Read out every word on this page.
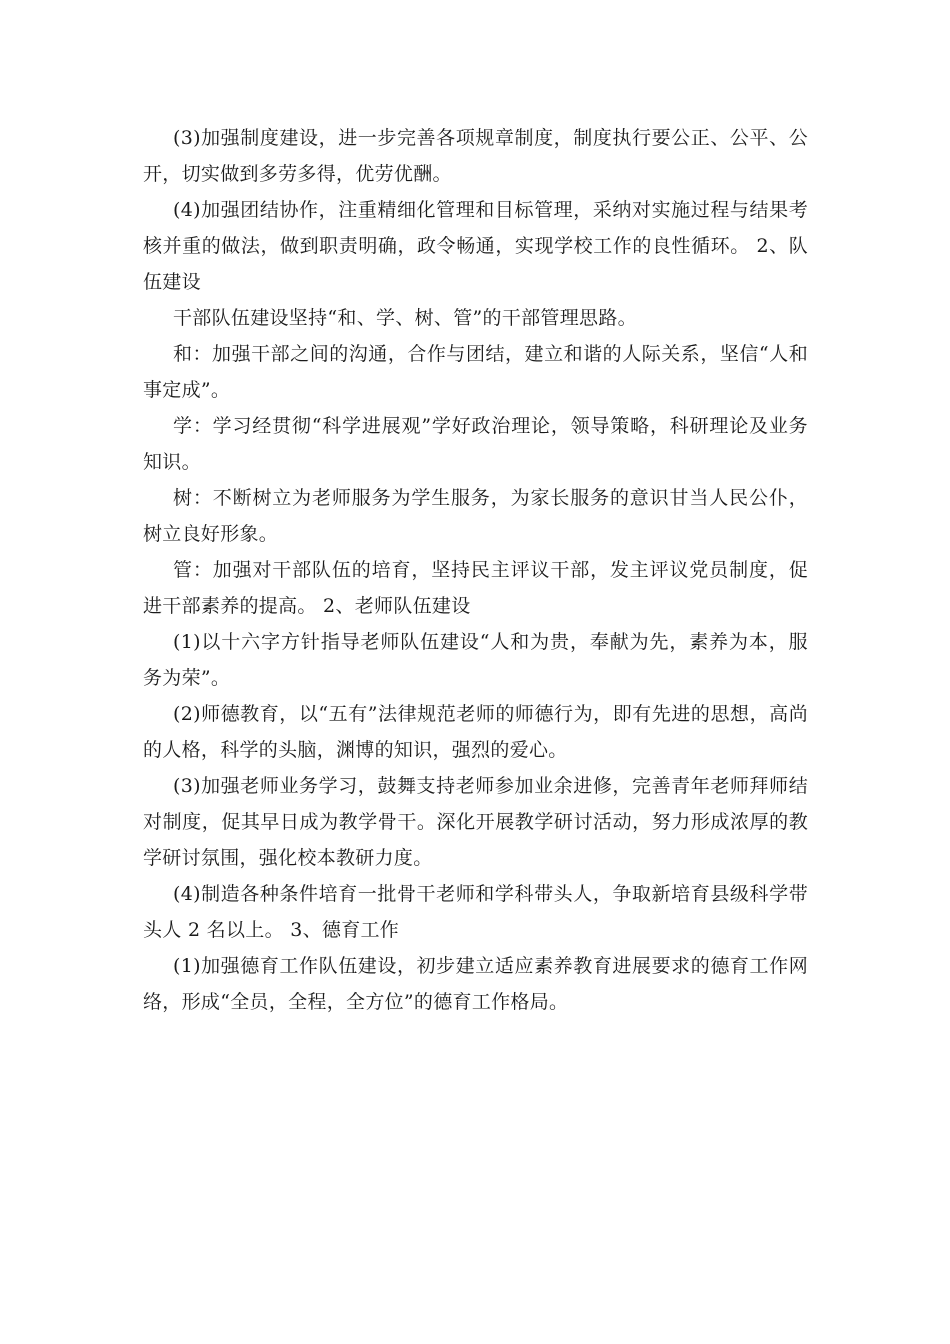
(3)加强制度建设，进一步完善各项规章制度，制度执行要公正、公平、公开，切实做到多劳多得，优劳优酬。

(4)加强团结协作，注重精细化管理和目标管理，采纳对实施过程与结果考核并重的做法，做到职责明确，政令畅通，实现学校工作的良性循环。 2、队伍建设

干部队伍建设坚持“和、学、树、管”的干部管理思路。

和：加强干部之间的沟通，合作与团结，建立和谐的人际关系，坚信“人和事定成”。

学：学习经贯彻“科学进展观”学好政治理论，领导策略，科研理论及业务知识。

树：不断树立为老师服务为学生服务，为家长服务的意识甘当人民公仆，树立良好形象。

管：加强对干部队伍的培育，坚持民主评议干部，发主评议党员制度，促进干部素养的提高。 2、老师队伍建设

(1)以十六字方针指导老师队伍建设“人和为贵，奉献为先，素养为本，服务为荣”。

(2)师德教育，以“五有”法律规范老师的师德行为，即有先进的思想，高尚的人格，科学的头脑，渊博的知识，强烈的爱心。

(3)加强老师业务学习，鼓舞支持老师参加业余进修，完善青年老师拜师结对制度，促其早日成为教学骨干。深化开展教学研讨活动，努力形成浓厚的教学研讨氛围，强化校本教研力度。

(4)制造各种条件培育一批骨干老师和学科带头人，争取新培育县级科学带头人 2 名以上。 3、德育工作

(1)加强德育工作队伍建设，初步建立适应素养教育进展要求的德育工作网络，形成“全员，全程，全方位”的德育工作格局。
